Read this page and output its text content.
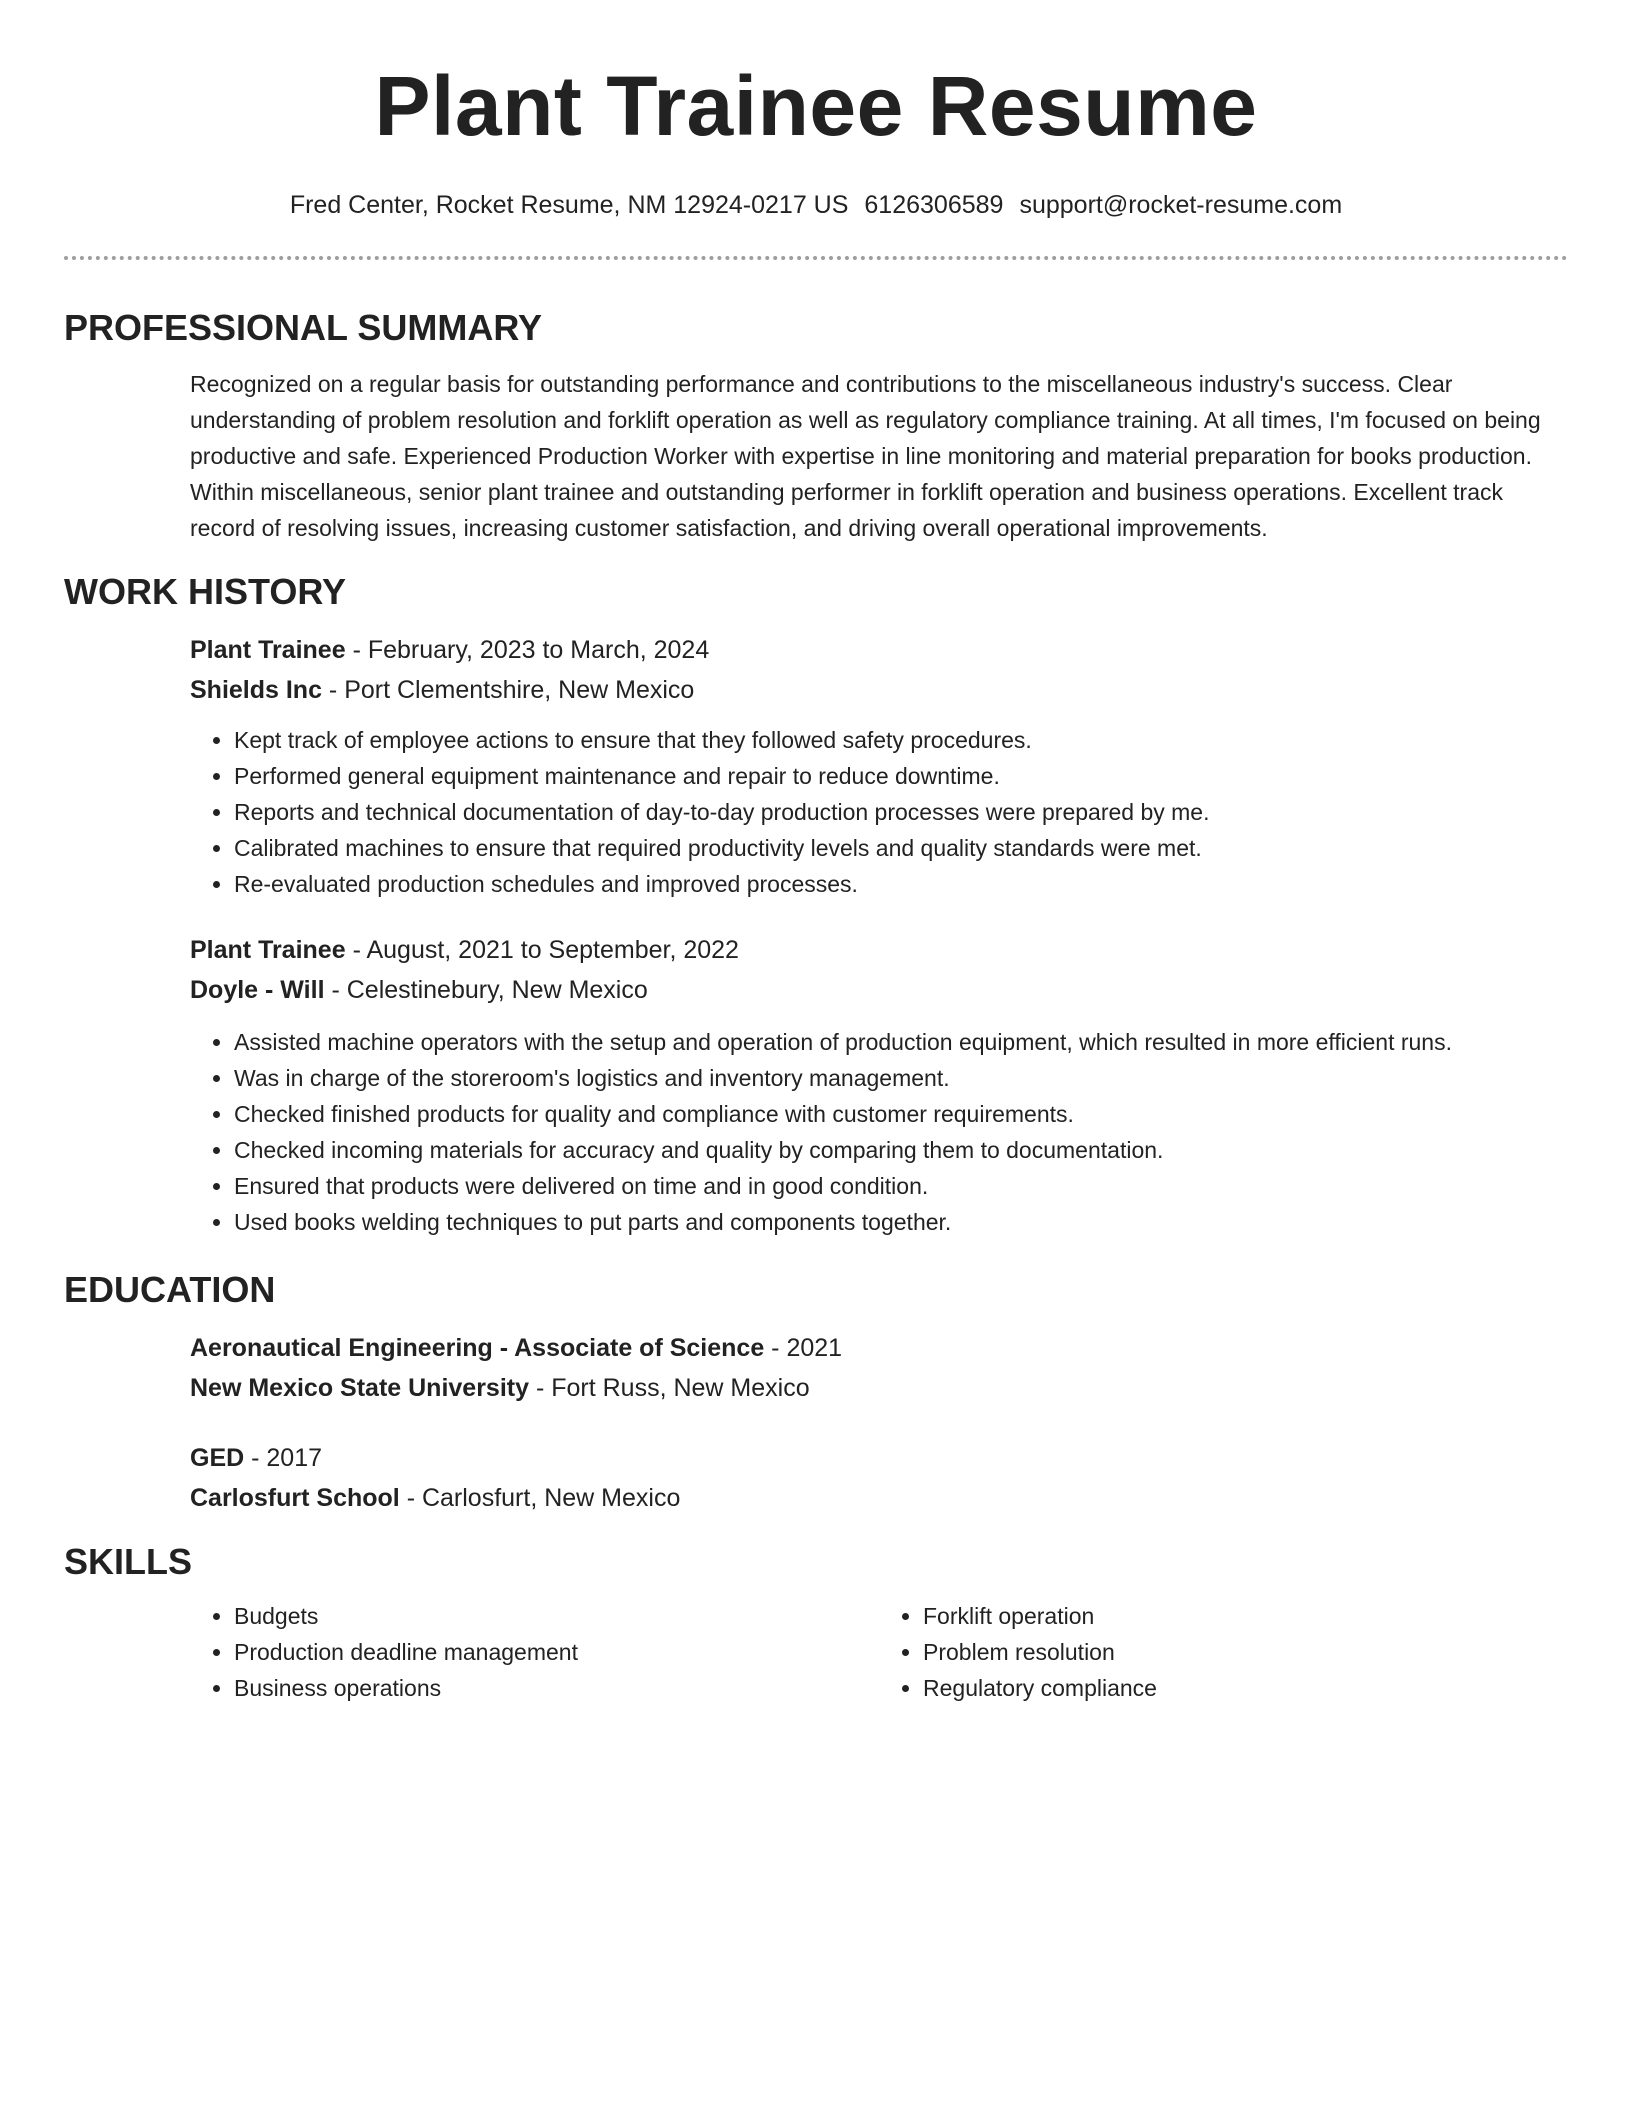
Plant Trainee Resume
Fred Center, Rocket Resume, NM 12924-0217 US 6126306589 support@rocket-resume.com
PROFESSIONAL SUMMARY

Recognized on a regular basis for outstanding performance and contributions to the miscellaneous industry's success. Clear understanding of problem resolution and forklift operation as well as regulatory compliance training. At all times, I'm focused on being productive and safe. Experienced Production Worker with expertise in line monitoring and material preparation for books production. Within miscellaneous, senior plant trainee and outstanding performer in forklift operation and business operations. Excellent track record of resolving issues, increasing customer satisfaction, and driving overall operational improvements.

WORK HISTORY
Plant Trainee - February, 2023 to March, 2024
Shields Inc - Port Clementshire, New Mexico
• Kept track of employee actions to ensure that they followed safety procedures.
• Performed general equipment maintenance and repair to reduce downtime.
• Reports and technical documentation of day-to-day production processes were prepared by me.
• Calibrated machines to ensure that required productivity levels and quality standards were met.
• Re-evaluated production schedules and improved processes.
Plant Trainee - August, 2021 to September, 2022
Doyle - Will - Celestinebury, New Mexico
• Assisted machine operators with the setup and operation of production equipment, which resulted in more efficient runs.
• Was in charge of the storeroom's logistics and inventory management.
• Checked finished products for quality and compliance with customer requirements.
• Checked incoming materials for accuracy and quality by comparing them to documentation.
• Ensured that products were delivered on time and in good condition.
• Used books welding techniques to put parts and components together.
EDUCATION
Aeronautical Engineering - Associate of Science - 2021
New Mexico State University - Fort Russ, New Mexico
GED - 2017
Carlosfurt School - Carlosfurt, New Mexico
SKILLS
• Budgets
• Production deadline management
• Business operations
• Forklift operation
• Problem resolution
• Regulatory compliance
